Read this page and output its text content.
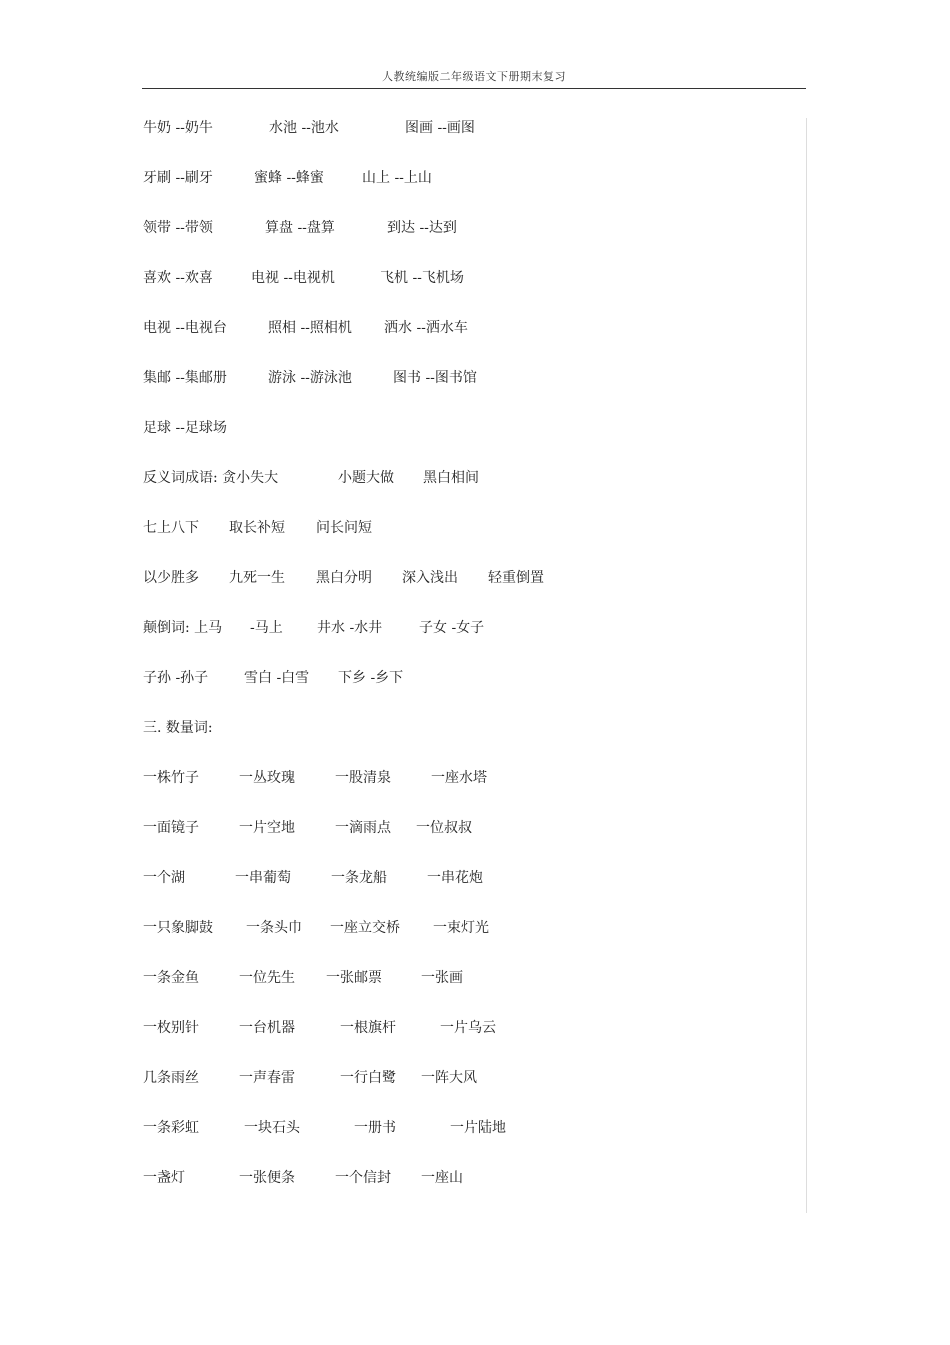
人教统编版二年级语文下册期末复习
牛奶 --奶牛	水池 --池水	图画 --画图
牙刷 --刷牙	蜜蜂 --蜂蜜	山上 --上山
领带 --带领	算盘 --盘算	到达 --达到
喜欢 --欢喜	电视 --电视机	飞机 --飞机场
电视 --电视台	照相 --照相机 洒水 --洒水车
集邮 --集邮册	游泳 --游泳池	图书 --图书馆
足球 --足球场
反义词成语: 贪小失大	小题大做 黑白相间
七上八下 取长补短 问长问短
以少胜多 九死一生 黑白分明 深入浅出 轻重倒置
颠倒词: 上马 -马上 井水 -水井	子女 -女子
子孙 -孙子	雪白 -白雪 下乡 -乡下
三. 数量词:
一株竹子	一丛玫瑰	一股清泉	一座水塔
一面镜子	一片空地	一滴雨点 一位叔叔
一个湖	一串葡萄	一条龙船	一串花炮
一只象脚鼓 一条头巾 一座立交桥 一束灯光
一条金鱼	一位先生 一张邮票	一张画
一枚别针	一台机器	一根旗杆	一片乌云
几条雨丝	一声春雷	一行白鹭 一阵大风
一条彩虹	一块石头	一册书	一片陆地
一盏灯	一张便条	一个信封 一座山
